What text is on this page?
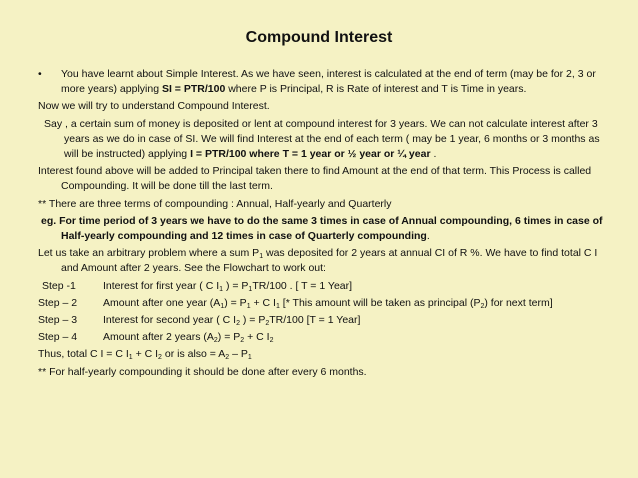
Compound Interest

• You have learnt about Simple Interest. As we have seen, interest is calculated at the end of term (may be for 2, 3 or more years) applying SI = PTR/100 where P is Principal, R is Rate of interest and T is Time in years.

Now we will try to understand Compound Interest.

Say , a certain sum of money is deposited or lent at compound interest for 3 years. We can not calculate interest after 3 years as we do in case of SI. We will find Interest at the end of each term ( may be 1 year, 6 months or 3 months as will be instructed) applying I = PTR/100 where T = 1 year or ½ year or ¼ year .

Interest found above will be added to Principal taken there to find Amount at the end of that term. This Process is called Compounding. It will be done till the last term.

** There are three terms of compounding : Annual, Half-yearly and Quarterly

eg. For time period of 3 years we have to do the same 3 times in case of Annual compounding, 6 times in case of Half-yearly compounding and 12 times in case of Quarterly compounding.

Let us take an arbitrary problem where a sum $P_1$ was deposited for 2 years at annual CI of R %. We have to find total C I and Amount after 2 years. See the Flowchart to work out:

Step -1	Interest for first year ( C $I_1$ ) = $P_1TR/100$ . [ T = 1 Year]
Step – 2	Amount after one year $(A_1) = P_1 + C$ $I_1$ [* This amount will be taken as principal $(P_2)$ for next term]
Step – 3	Interest for second year ( C $I_2$ ) = $P_2TR/100$ [T = 1 Year]
Step – 4	Amount after 2 years $(A_2) = P_2 + C$ $I_2$

Thus, total C I = C $I_1 + C$ $I_2$ or is also = $A_2 - P_1$

** For half-yearly compounding it should be done after every 6 months.
